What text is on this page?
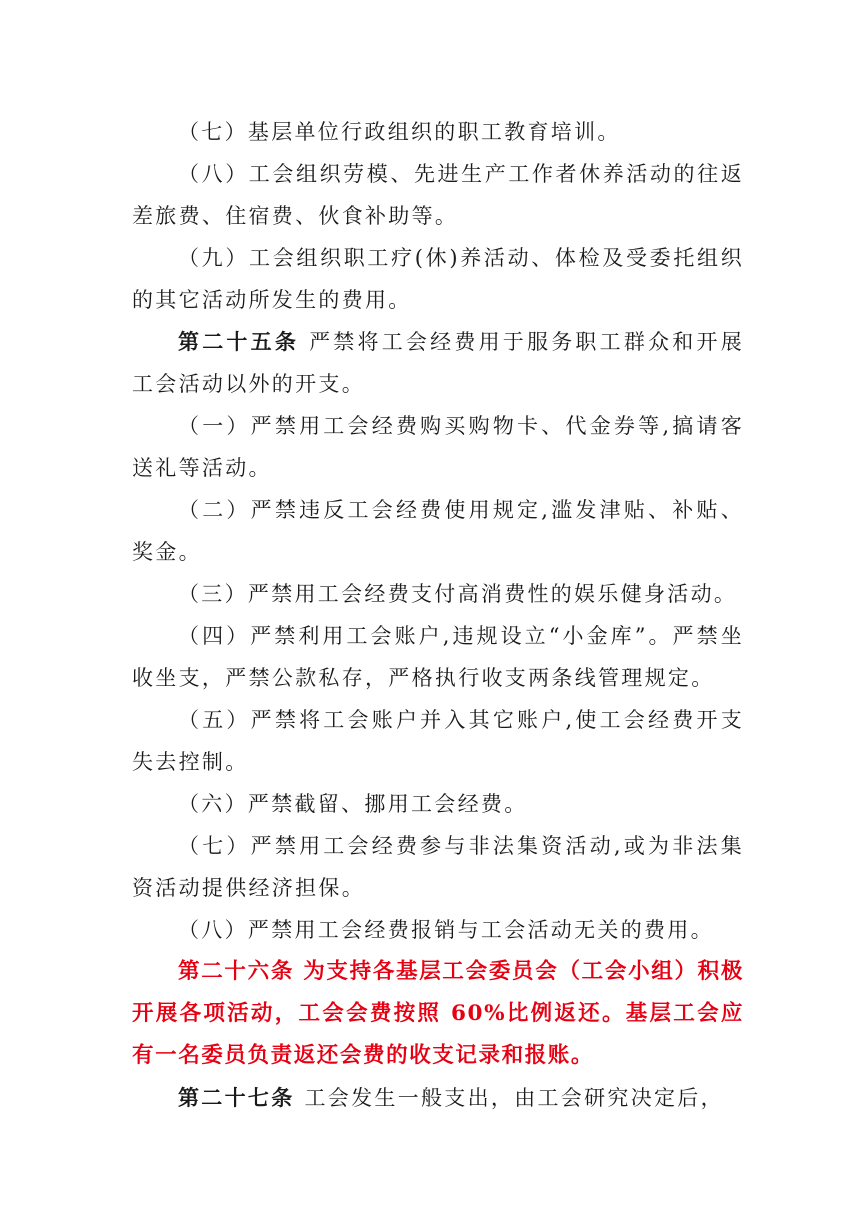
（七）基层单位行政组织的职工教育培训。

（八）工会组织劳模、先进生产工作者休养活动的往返差旅费、住宿费、伙食补助等。

（九）工会组织职工疗(休)养活动、体检及受委托组织的其它活动所发生的费用。

第二十五条 严禁将工会经费用于服务职工群众和开展工会活动以外的开支。

（一）严禁用工会经费购买购物卡、代金券等,搞请客送礼等活动。

（二）严禁违反工会经费使用规定,滥发津贴、补贴、奖金。

（三）严禁用工会经费支付高消费性的娱乐健身活动。

（四）严禁利用工会账户,违规设立“小金库”。严禁坐收坐支，严禁公款私存，严格执行收支两条线管理规定。

（五）严禁将工会账户并入其它账户,使工会经费开支失去控制。

（六）严禁截留、挪用工会经费。

（七）严禁用工会经费参与非法集资活动,或为非法集资活动提供经济担保。

（八）严禁用工会经费报销与工会活动无关的费用。

第二十六条 为支持各基层工会委员会（工会小组）积极开展各项活动，工会会费按照 60%比例返还。基层工会应有一名委员负责返还会费的收支记录和报账。

第二十七条 工会发生一般支出，由工会研究决定后，
